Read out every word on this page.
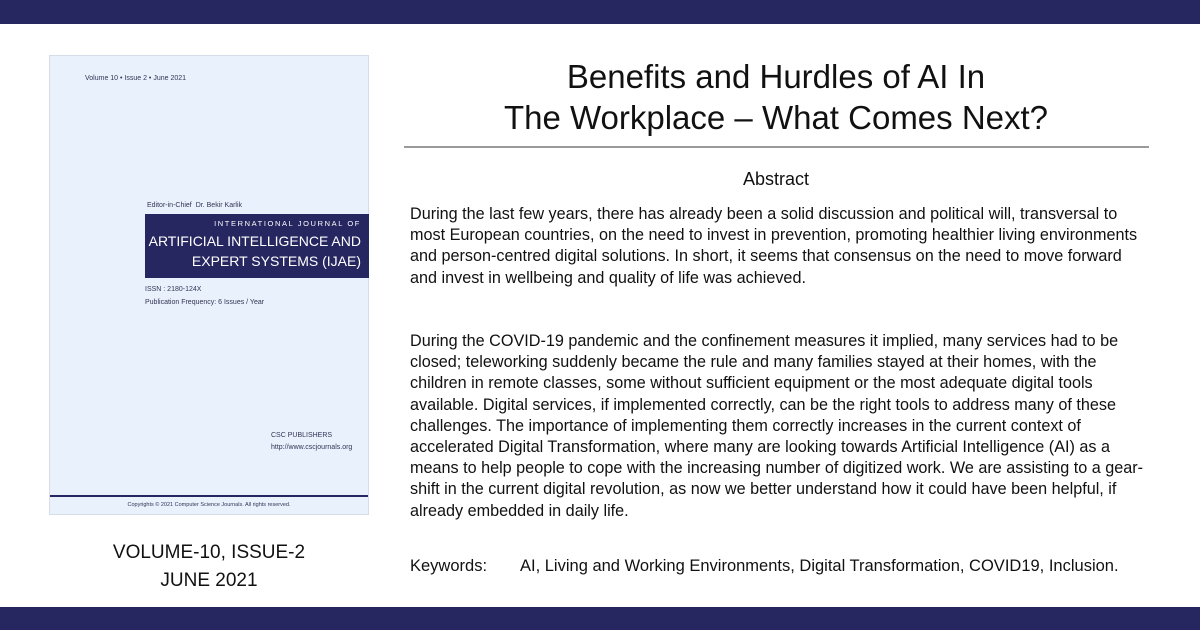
Volume 10 • Issue 2 • June 2021
Editor-in-Chief Dr. Bekir Karlik
INTERNATIONAL JOURNAL OF
ARTIFICIAL INTELLIGENCE AND
EXPERT SYSTEMS (IJAE)
ISSN : 2180-124X
Publication Frequency: 6 Issues / Year
CSC PUBLISHERS
http://www.cscjournals.org
Copyrights © 2021 Computer Science Journals. All rights reserved.
VOLUME-10, ISSUE-2
JUNE 2021
Benefits and Hurdles of AI In
The Workplace – What Comes Next?
Abstract

During the last few years, there has already been a solid discussion and political will, transversal to most European countries, on the need to invest in prevention, promoting healthier living environments and person-centred digital solutions. In short, it seems that consensus on the need to move forward and invest in wellbeing and quality of life was achieved.

During the COVID-19 pandemic and the confinement measures it implied, many services had to be closed; teleworking suddenly became the rule and many families stayed at their homes, with the children in remote classes, some without sufficient equipment or the most adequate digital tools available. Digital services, if implemented correctly, can be the right tools to address many of these challenges. The importance of implementing them correctly increases in the current context of accelerated Digital Transformation, where many are looking towards Artificial Intelligence (AI) as a means to help people to cope with the increasing number of digitized work. We are assisting to a gear-shift in the current digital revolution, as now we better understand how it could have been helpful, if already embedded in daily life.

Keywords: AI, Living and Working Environments, Digital Transformation, COVID19, Inclusion.
